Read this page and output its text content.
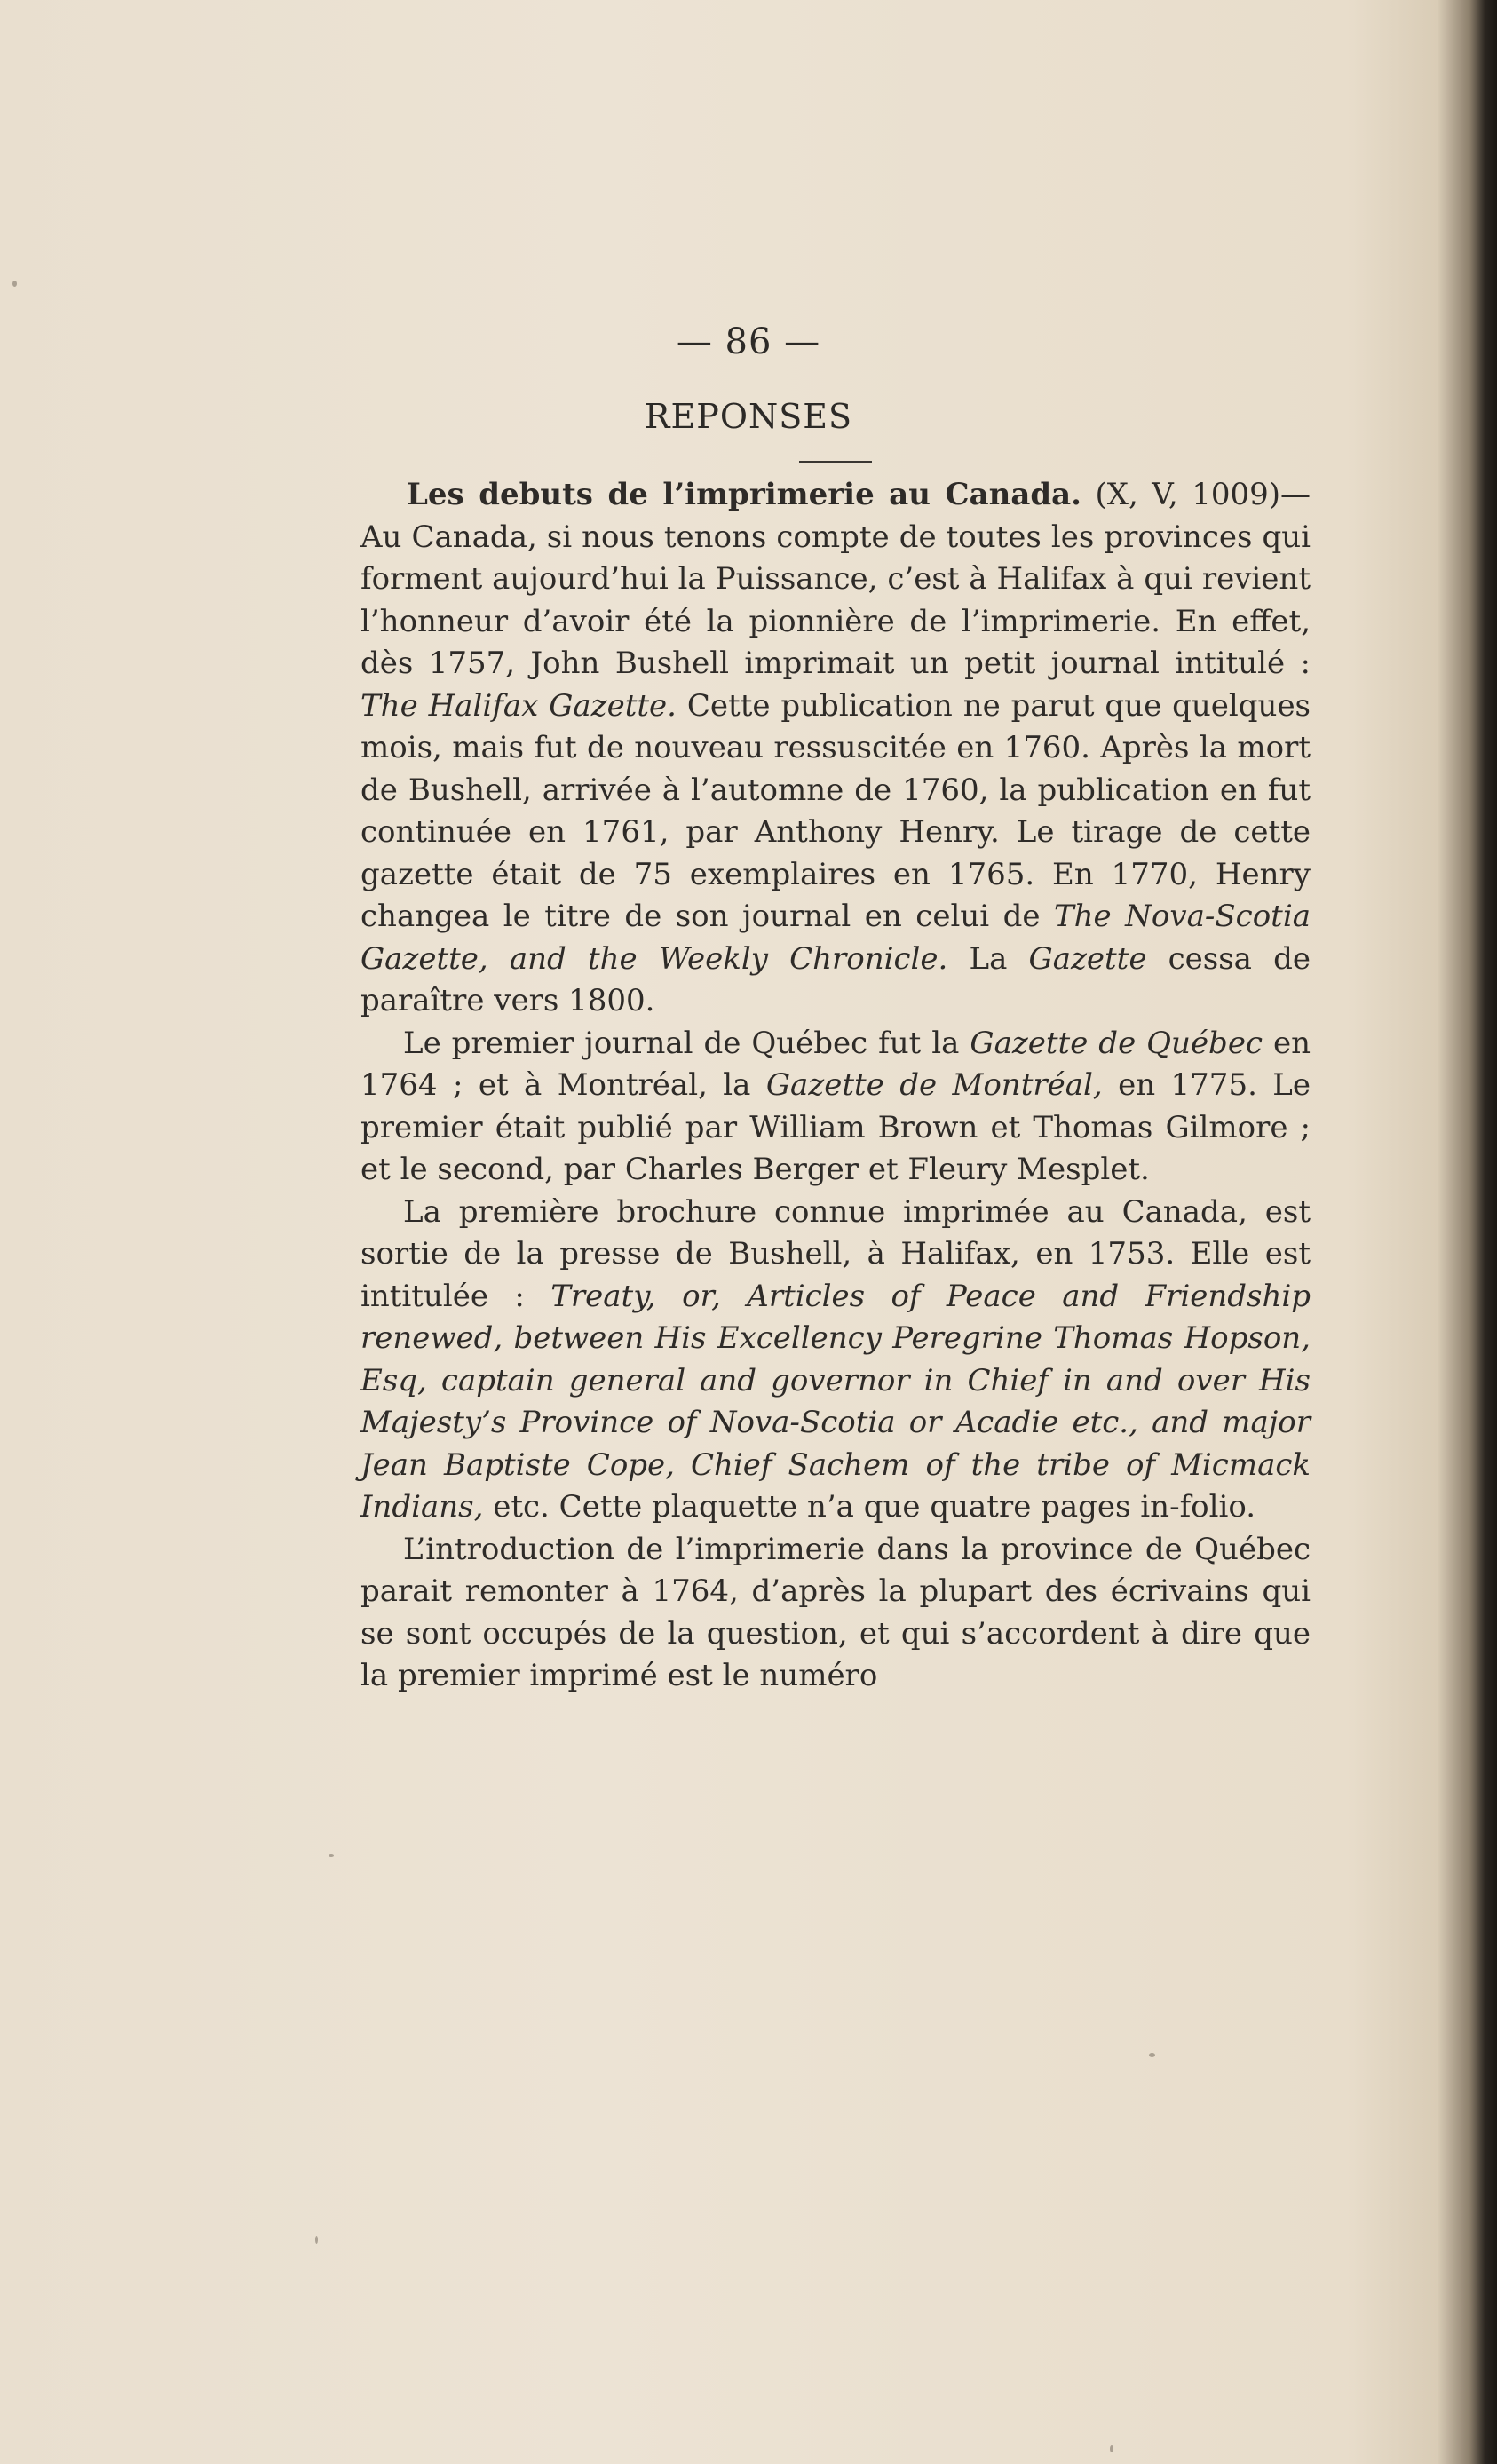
— 86 —
REPONSES

Les debuts de l’imprimerie au Canada. (X, V, 1009)—Au Canada, si nous tenons compte de toutes les provinces qui forment aujourd’hui la Puissance, c’est à Halifax à qui revient l’honneur d’avoir été la pionnière de l’imprimerie. En effet, dès 1757, John Bushell imprimait un petit journal intitulé : The Halifax Gazette. Cette publication ne parut que quelques mois, mais fut de nouveau ressuscitée en 1760. Après la mort de Bushell, arrivée à l’automne de 1760, la publication en fut continuée en 1761, par Anthony Henry. Le tirage de cette gazette était de 75 exemplaires en 1765. En 1770, Henry changea le titre de son journal en celui de The Nova-Scotia Gazette, and the Weekly Chronicle. La Gazette cessa de paraître vers 1800.

Le premier journal de Québec fut la Gazette de Québec en 1764 ; et à Montréal, la Gazette de Montréal, en 1775. Le premier était publié par William Brown et Thomas Gilmore ; et le second, par Charles Berger et Fleury Mesplet.

La première brochure connue imprimée au Canada, est sortie de la presse de Bushell, à Halifax, en 1753. Elle est intitulée : Treaty, or, Articles of Peace and Friendship renewed, between His Excellency Peregrine Thomas Hopson, Esq, captain general and governor in Chief in and over His Majesty’s Province of Nova-Scotia or Acadie etc., and major Jean Baptiste Cope, Chief Sachem of the tribe of Micmack Indians, etc. Cette plaquette n’a que quatre pages in-folio.

L’introduction de l’imprimerie dans la province de Québec parait remonter à 1764, d’après la plupart des écrivains qui se sont occupés de la question, et qui s’accordent à dire que la premier imprimé est le numéro
